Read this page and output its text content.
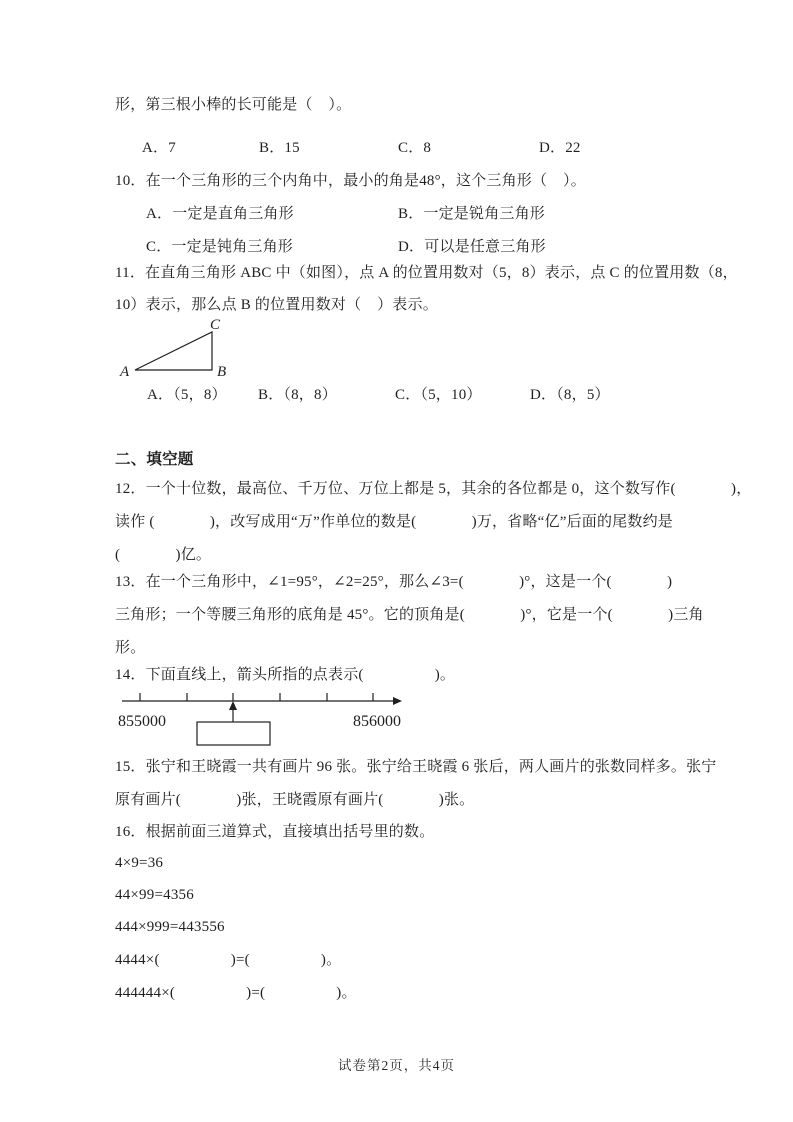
形，第三根小棒的长可能是（    ）。
A．7	B．15	C．8	D．22
10．在一个三角形的三个内角中，最小的角是48°，这个三角形（    ）。
A．一定是直角三角形	B．一定是锐角三角形
C．一定是钝角三角形	D．可以是任意三角形
11．在直角三角形 ABC 中（如图），点 A 的位置用数对（5，8）表示，点 C 的位置用数（8，
10）表示，那么点 B 的位置用数对（    ）表示。
A	B
C
A．（5，8） B．（8，8）	C．（5，10）	D．（8，5）
二、填空题
12．一个十位数，最高位、千万位、万位上都是 5，其余的各位都是 0，这个数写作(              )，
读作 (              )，改写成用“万”作单位的数是(              )万，省略“亿”后面的尾数约是
(              )亿。
13．在一个三角形中，∠1=95°，∠2=25°，那么∠3=(              )°，这是一个(              )
三角形；一个等腰三角形的底角是 45°。它的顶角是(              )°，它是一个(              )三角
形。
14．下面直线上，箭头所指的点表示(                  )。
855000	856000
15．张宁和王晓霞一共有画片 96 张。张宁给王晓霞 6 张后，两人画片的张数同样多。张宁
原有画片(              )张，王晓霞原有画片(              )张。
16．根据前面三道算式，直接填出括号里的数。
4×9=36
44×99=4356
444×999=443556
4444×(                  )=(                  )。
444444×(                  )=(                  )。
试卷第2页，共4页
